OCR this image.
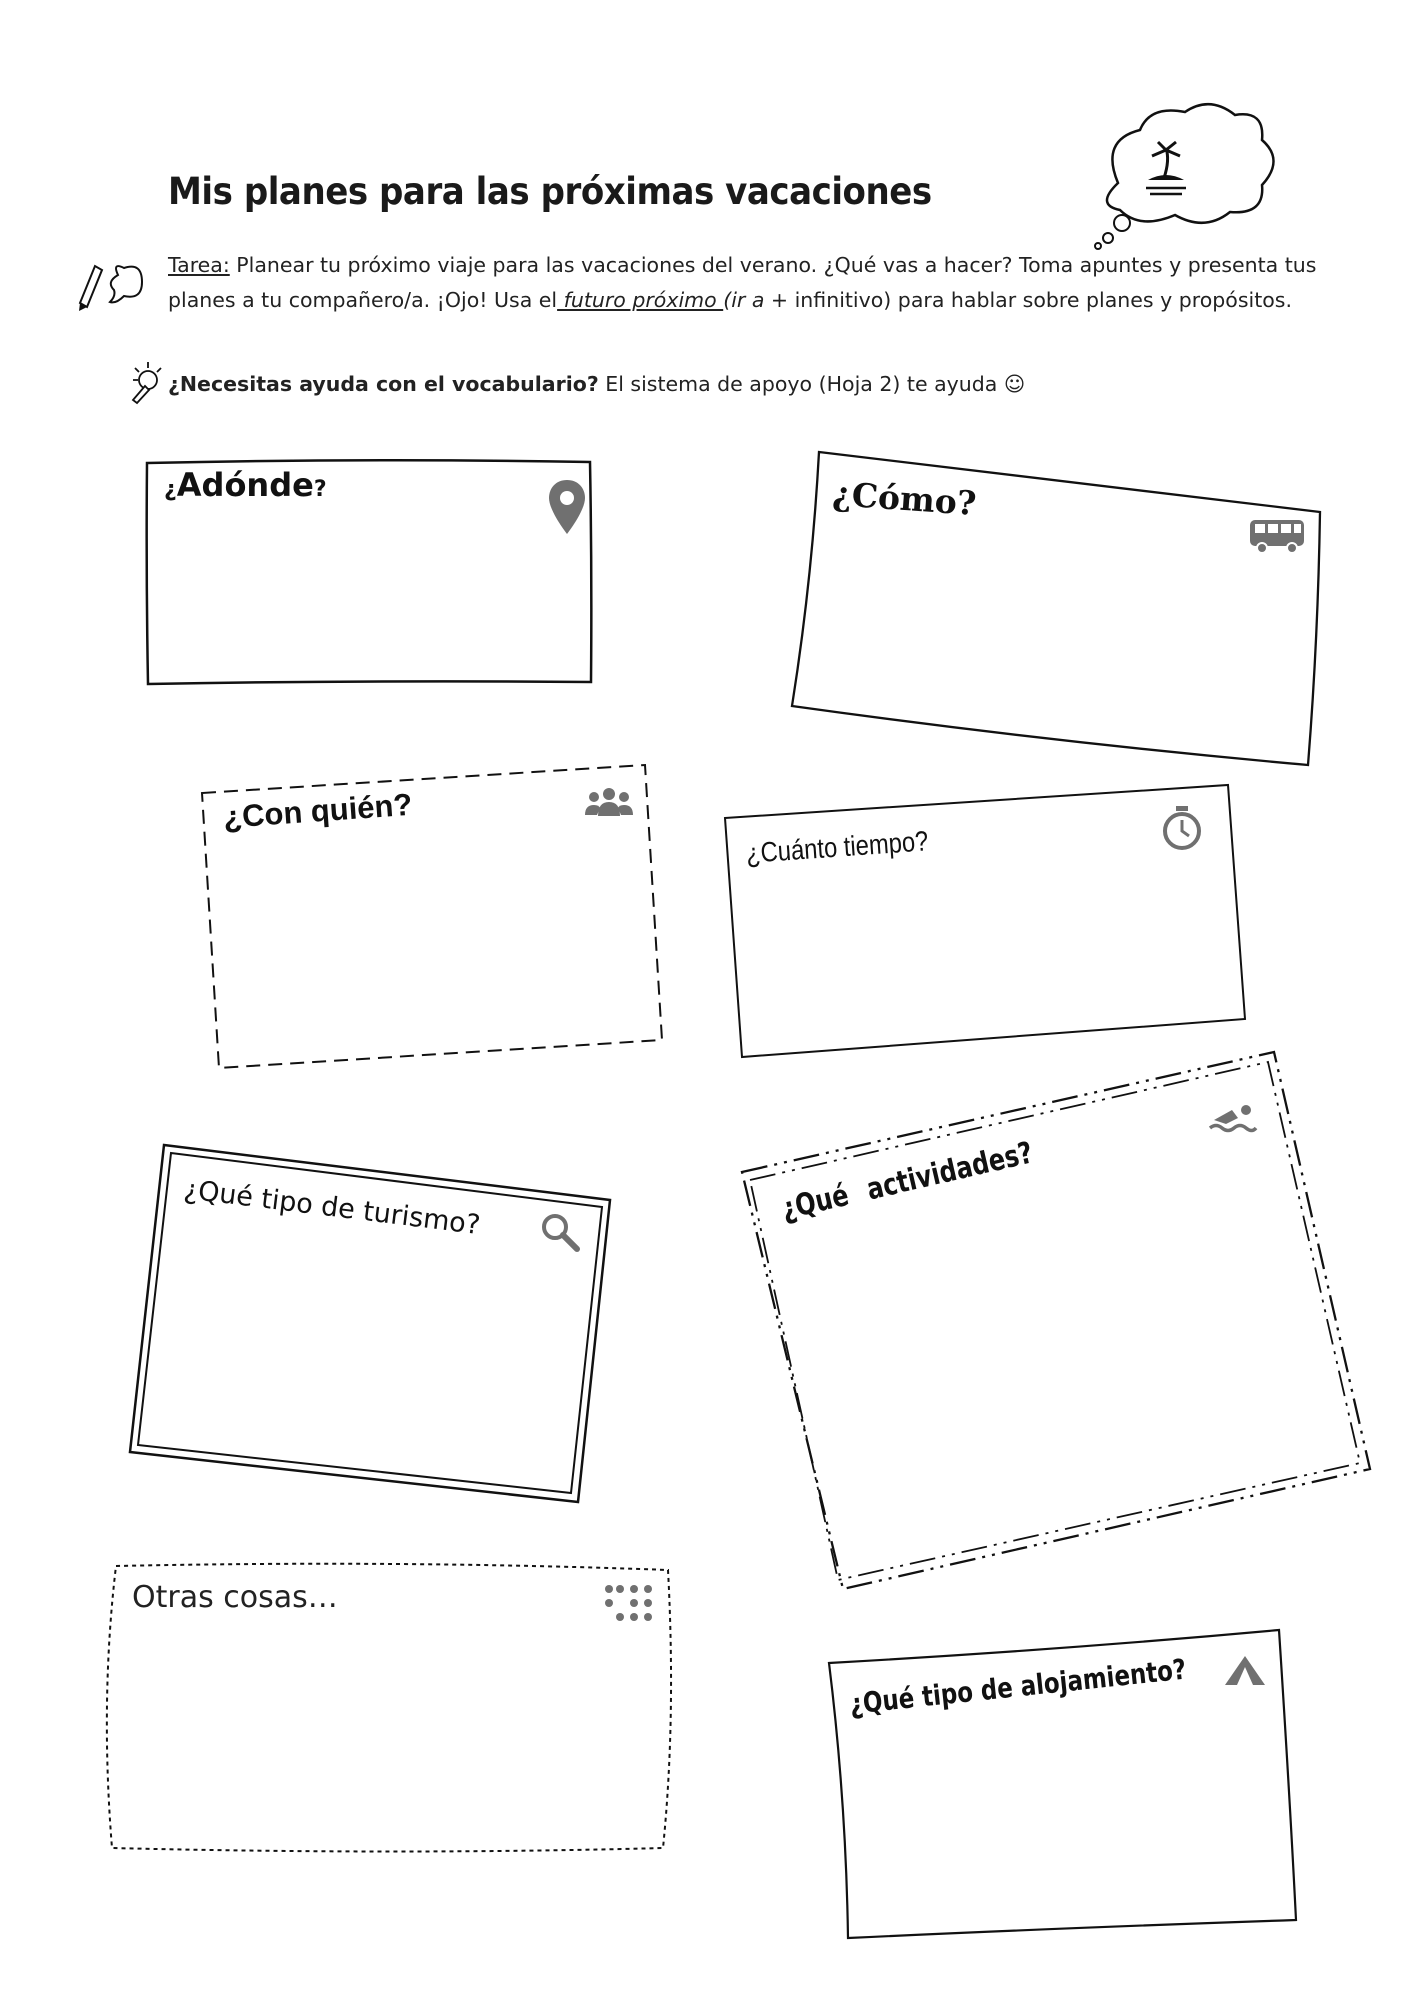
Mis planes para las próximas vacaciones
Tarea: Planear tu próximo viaje para las vacaciones del verano. ¿Qué vas a hacer? Toma apuntes y presenta tus planes a tu compañero/a. ¡Ojo! Usa el futuro próximo (ir a + infinitivo) para hablar sobre planes y propósitos.
¿Necesitas ayuda con el vocabulario? El sistema de apoyo (Hoja 2) te ayuda ☺
¿Adónde?	¿Cómo?
¿Con quién?
¿Cuánto tiempo?
¿Qué tipo de turismo?	¿Qué actividades?
Otras cosas…
¿Qué tipo de alojamiento?
